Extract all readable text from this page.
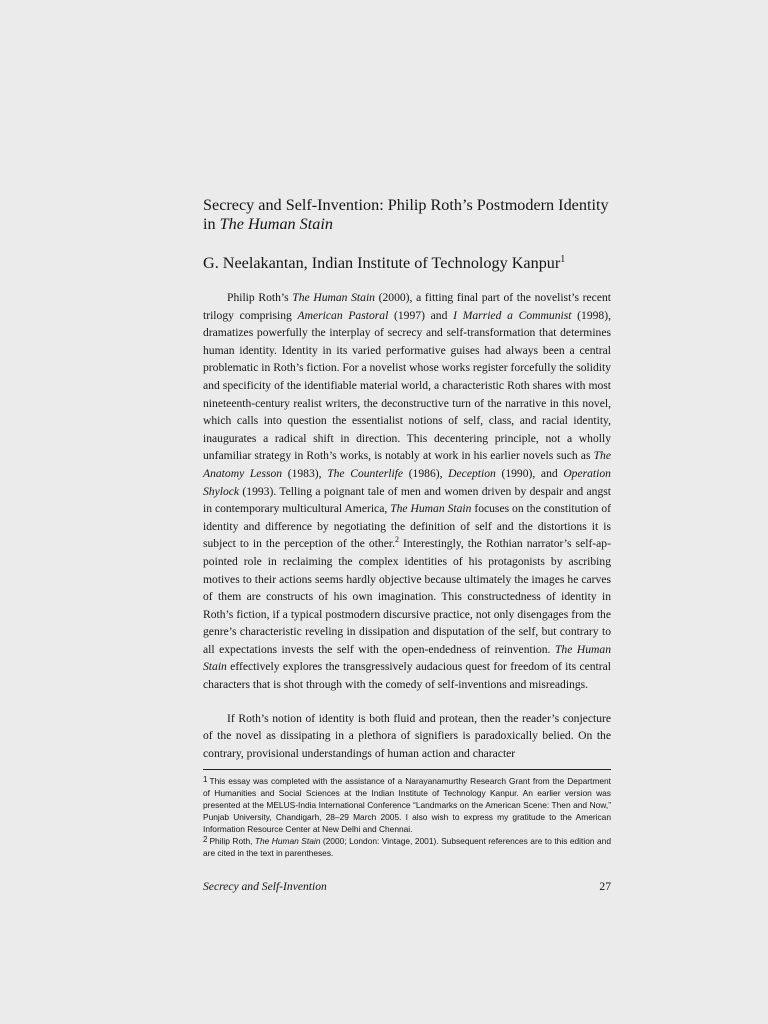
Secrecy and Self-Invention: Philip Roth’s Postmodern Identity in The Human Stain

G. Neelakantan, Indian Institute of Technology Kanpur$^1$

Philip Roth’s The Human Stain (2000), a fitting final part of the novelist’s recent trilogy comprising American Pastoral (1997) and I Married a Communist (1998), dramatizes powerfully the interplay of secrecy and self-transformation that determines human identity. Identity in its varied performative guises had always been a central problematic in Roth’s fiction. For a novelist whose works register forcefully the solidity and specificity of the identifiable material world, a characteristic Roth shares with most nineteenth-century realist writers, the deconstructive turn of the narrative in this novel, which calls into question the essentialist notions of self, class, and racial identity, inaugurates a radical shift in direction. This decentering principle, not a wholly unfamiliar strategy in Roth’s works, is notably at work in his earlier novels such as The Anatomy Lesson (1983), The Counterlife (1986), Deception (1990), and Operation Shylock (1993). Telling a poignant tale of men and women driven by despair and angst in contemporary multicultural America, The Human Stain focuses on the constitution of identity and difference by negotiating the definition of self and the distortions it is subject to in the perception of the other.$^2$ Interestingly, the Rothian narrator’s self-appointed role in reclaiming the complex identities of his protagonists by ascribing motives to their actions seems hardly objective because ultimately the images he carves of them are constructs of his own imagination. This constructedness of identity in Roth’s fiction, if a typical postmodern discursive practice, not only disengages from the genre’s characteristic reveling in dissipation and disputation of the self, but contrary to all expectations invests the self with the open-endedness of reinvention. The Human Stain effectively explores the transgressively audacious quest for freedom of its central characters that is shot through with the comedy of self-inventions and misreadings.

If Roth’s notion of identity is both fluid and protean, then the reader’s conjecture of the novel as dissipating in a plethora of signifiers is paradoxically belied. On the contrary, provisional understandings of human action and character

$^1$ This essay was completed with the assistance of a Narayanamurthy Research Grant from the Department of Humanities and Social Sciences at the Indian Institute of Technology Kanpur. An earlier version was presented at the MELUS-India International Conference “Landmarks on the American Scene: Then and Now,” Punjab University, Chandigarh, 28–29 March 2005. I also wish to express my gratitude to the American Information Resource Center at New Delhi and Chennai.

$^2$ Philip Roth, The Human Stain (2000; London: Vintage, 2001). Subsequent references are to this edition and are cited in the text in parentheses.

Secrecy and Self-Invention	27
